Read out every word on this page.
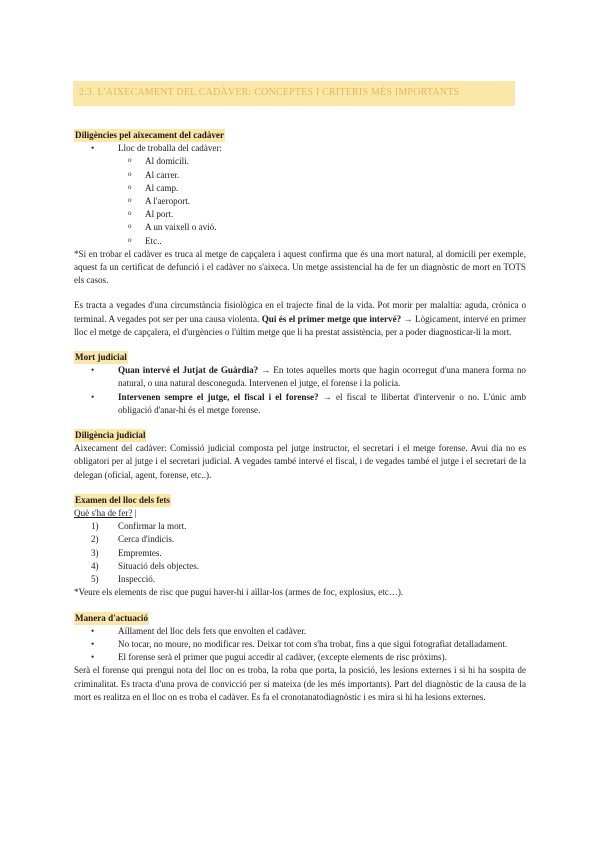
2.3. L'AIXECAMENT DEL CADÀVER: CONCEPTES I CRITERIS MÉS IMPORTANTS
Diligències pel aixecament del cadàver
• Lloc de troballa del cadàver:
o Al domicili.
o Al carrer.
o Al camp.
o A l'aeroport.
o Al port.
o A un vaixell o avió.
o Etc..
*Si en trobar el cadàver es truca al metge de capçalera i aquest confirma que és una mort natural, al domicili per exemple, aquest fa un certificat de defunció i el cadàver no s'aixeca. Un metge assistencial ha de fer un diagnòstic de mort en TOTS els casos.
Es tracta a vegades d'una circumstància fisiològica en el trajecte final de la vida. Pot morir per malaltia: aguda, crònica o terminal. A vegades pot ser per una causa violenta. Qui és el primer metge que intervé? → Lògicament, intervé en primer lloc el metge de capçalera, el d'urgències o l'últim metge que li ha prestat assistència, per a poder diagnosticar-li la mort.
Mort judicial
• Quan intervé el Jutjat de Guàrdia? → En totes aquelles morts que hagin ocorregut d'una manera forma no natural, o una natural desconeguda. Intervenen el jutge, el forense i la policia.
• Intervenen sempre el jutge, el fiscal i el forense? → el fiscal te llibertat d'intervenir o no. L'únic amb obligació d'anar-hi és el metge forense.
Diligència judicial
Aixecament del cadàver: Comissió judicial composta pel jutge instructor, el secretari i el metge forense. Avui dia no es obligatori per al jutge i el secretari judicial. A vegades també intervé el fiscal, i de vegades també el jutge i el secretari de la delegan (oficial, agent, forense, etc..).
Examen del lloc dels fets
Què s'ha de fer? |
1) Confirmar la mort.
2) Cerca d'indicis.
3) Empremtes.
4) Situació dels objectes.
5) Inspecció.
*Veure els elements de risc que pugui haver-hi i aïllar-los (armes de foc, explosius, etc…).
Manera d'actuació
• Aïllament del lloc dels fets que envolten el cadàver.
• No tocar, no moure, no modificar res. Deixar tot com s'ha trobat, fins a que sigui fotografiat detalladament.
• El forense serà el primer que pugui accedir al cadàver, (excepte elements de risc pròxims).
Serà el forense qui prengui nota del lloc on es troba, la roba que porta, la posició, les lesions externes i si hi ha sospita de criminalitat. Es tracta d'una prova de convicció per si mateixa (de les més importants). Part del diagnòstic de la causa de la mort es realitza en el lloc on es troba el cadàver. Es fa el cronotanatodiagnòstic i es mira si hi ha lesions externes.
